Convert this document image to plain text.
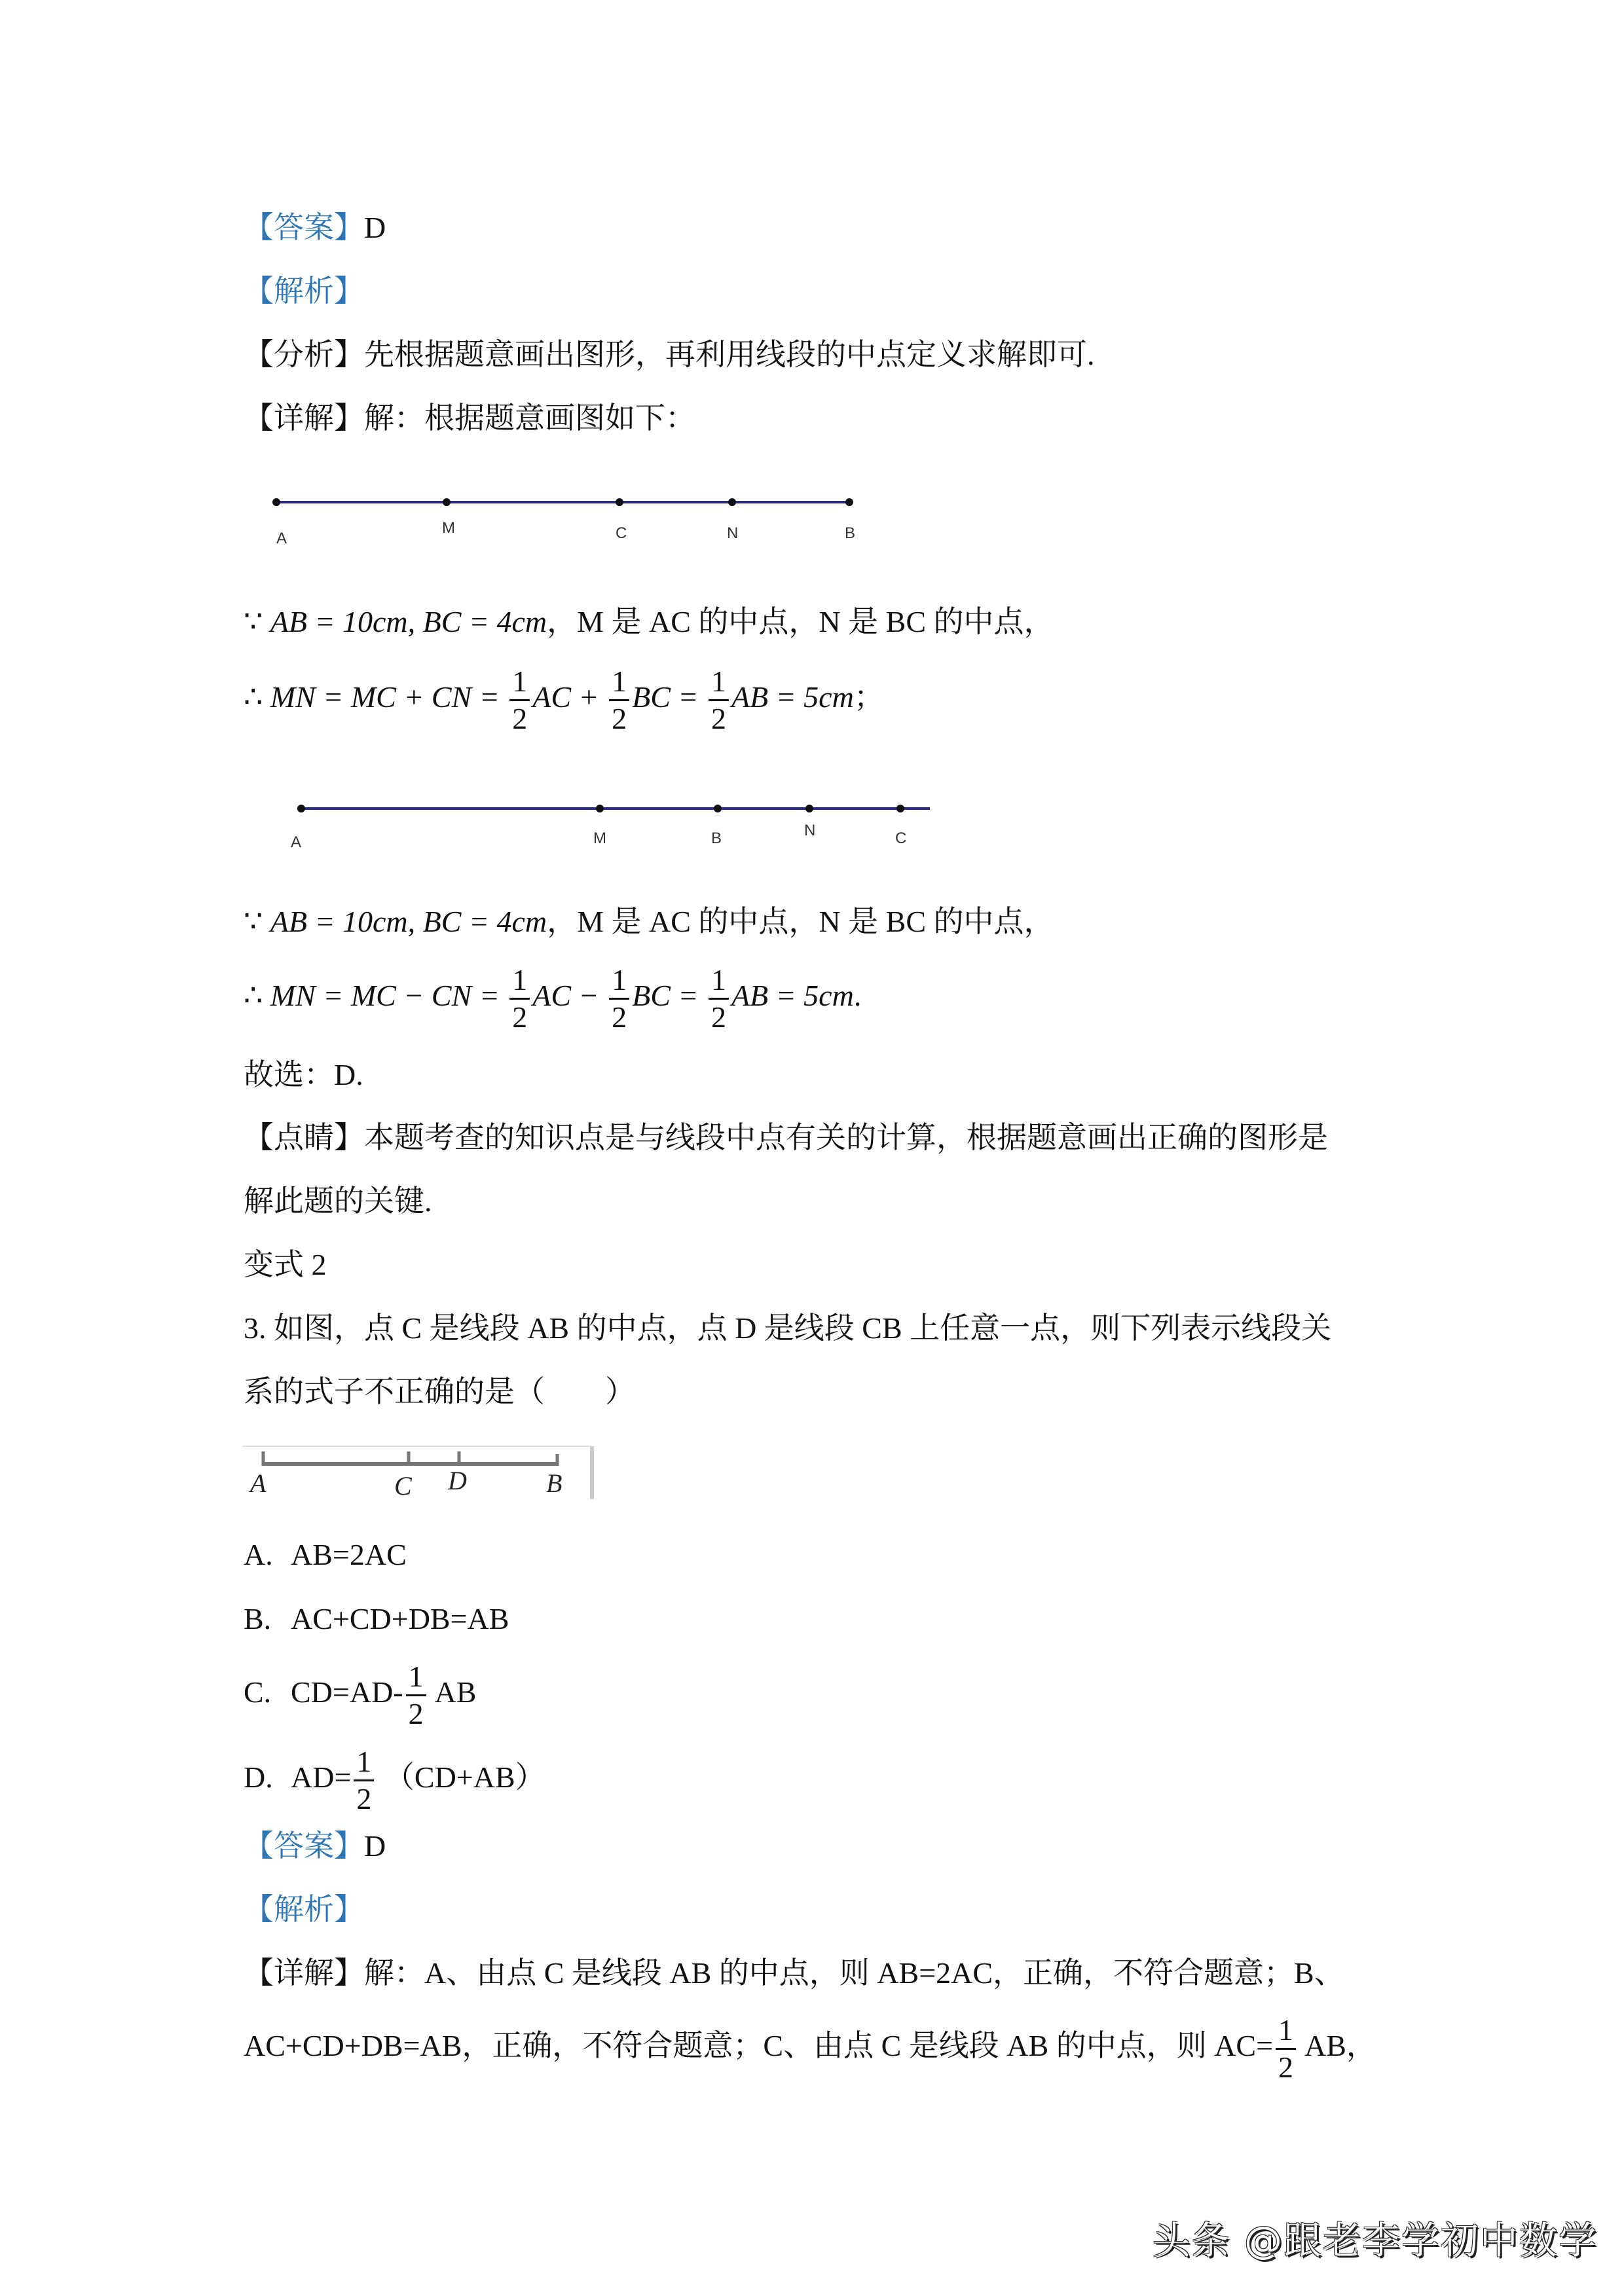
【答案】D
【解析】
【分析】先根据题意画出图形，再利用线段的中点定义求解即可.
【详解】解：根据题意画图如下：
A
M	C	N	B
∵ AB = 10cm, BC = 4cm，M 是 AC 的中点，N 是 BC 的中点，
∴ MN = MC + CN = $\frac{1}{2}$ AC + $\frac{1}{2}$ BC = $\frac{1}{2}$ AB = 5cm；
A	M	B	N	C
∵ AB = 10cm, BC = 4cm，M 是 AC 的中点，N 是 BC 的中点，
∴ MN = MC − CN = $\frac{1}{2}$ AC − $\frac{1}{2}$ BC = $\frac{1}{2}$ AB = 5cm.
故选：D.
【点睛】本题考查的知识点是与线段中点有关的计算，根据题意画出正确的图形是
解此题的关键.
变式 2
3. 如图，点 C 是线段 AB 的中点，点 D 是线段 CB 上任意一点，则下列表示线段关
系的式子不正确的是（　　）
A	C D	B
A. AB=2AC
B. AC+CD+DB=AB
C. $CD=AD- \frac{1}{2}$ AB
D. $AD= \frac{1}{2} (CD+AB)$
【答案】D
【解析】
【详解】解：A、由点 C 是线段 AB 的中点，则 AB=2AC，正确，不符合题意；B、
AC+CD+DB=AB，正确，不符合题意；C、由点 C 是线段 AB 的中点，则 $AC= \frac{1}{2}$ AB，
头条 @跟老李学初中数学
